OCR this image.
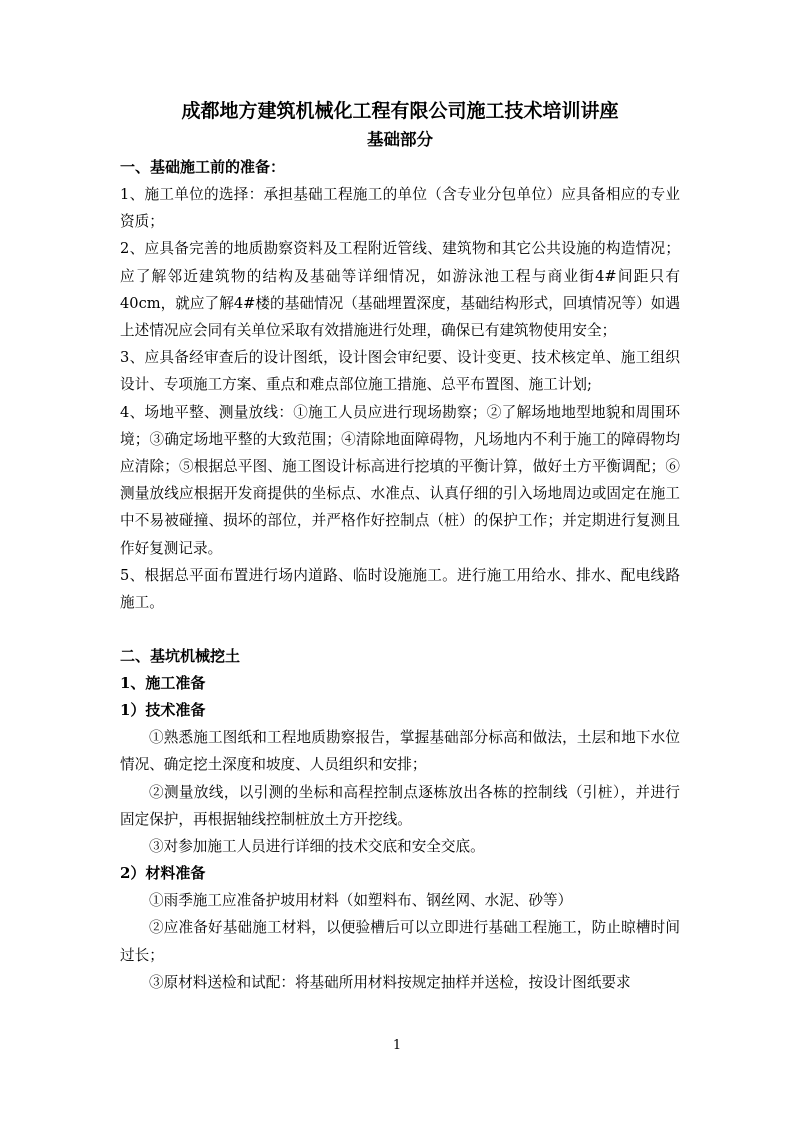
成都地方建筑机械化工程有限公司施工技术培训讲座

基础部分

一、基础施工前的准备：

1、施工单位的选择：承担基础工程施工的单位（含专业分包单位）应具备相应的专业资质；

2、应具备完善的地质勘察资料及工程附近管线、建筑物和其它公共设施的构造情况；应了解邻近建筑物的结构及基础等详细情况，如游泳池工程与商业街4#间距只有40cm，就应了解4#楼的基础情况（基础埋置深度，基础结构形式，回填情况等）如遇上述情况应会同有关单位采取有效措施进行处理，确保已有建筑物使用安全；

3、应具备经审查后的设计图纸，设计图会审纪要、设计变更、技术核定单、施工组织设计、专项施工方案、重点和难点部位施工措施、总平布置图、施工计划;

4、场地平整、测量放线：①施工人员应进行现场勘察；②了解场地地型地貌和周围环境；③确定场地平整的大致范围；④清除地面障碍物，凡场地内不利于施工的障碍物均应清除；⑤根据总平图、施工图设计标高进行挖填的平衡计算，做好土方平衡调配；⑥测量放线应根据开发商提供的坐标点、水准点、认真仔细的引入场地周边或固定在施工中不易被碰撞、损坏的部位，并严格作好控制点（桩）的保护工作；并定期进行复测且作好复测记录。

5、根据总平面布置进行场内道路、临时设施施工。进行施工用给水、排水、配电线路施工。

二、基坑机械挖土

1、施工准备

1）技术准备

①熟悉施工图纸和工程地质勘察报告，掌握基础部分标高和做法，土层和地下水位情况、确定挖土深度和坡度、人员组织和安排；

②测量放线，以引测的坐标和高程控制点逐栋放出各栋的控制线（引桩），并进行固定保护，再根据轴线控制桩放土方开挖线。

③对参加施工人员进行详细的技术交底和安全交底。

2）材料准备

①雨季施工应准备护坡用材料（如塑料布、钢丝网、水泥、砂等）

②应准备好基础施工材料，以便验槽后可以立即进行基础工程施工，防止晾槽时间过长；

③原材料送检和试配：将基础所用材料按规定抽样并送检，按设计图纸要求

1
